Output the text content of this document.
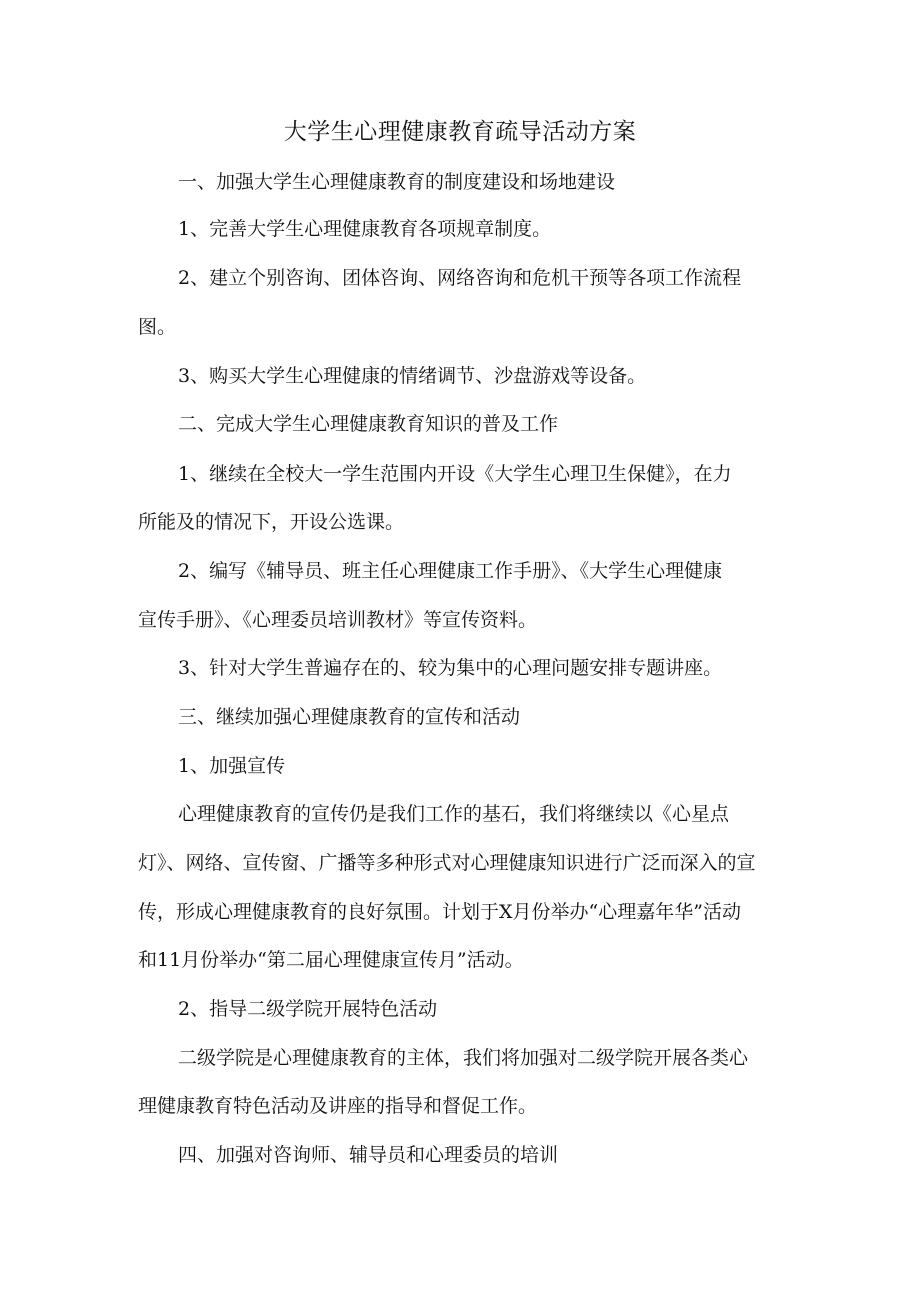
大学生心理健康教育疏导活动方案
一、加强大学生心理健康教育的制度建设和场地建设
1、完善大学生心理健康教育各项规章制度。
2、建立个别咨询、团体咨询、网络咨询和危机干预等各项工作流程
图。
3、购买大学生心理健康的情绪调节、沙盘游戏等设备。
二、完成大学生心理健康教育知识的普及工作
1、继续在全校大一学生范围内开设《大学生心理卫生保健》，在力
所能及的情况下，开设公选课。
2、编写《辅导员、班主任心理健康工作手册》、《大学生心理健康
宣传手册》、《心理委员培训教材》等宣传资料。
3、针对大学生普遍存在的、较为集中的心理问题安排专题讲座。
三、继续加强心理健康教育的宣传和活动
1、加强宣传
心理健康教育的宣传仍是我们工作的基石，我们将继续以《心星点
灯》、网络、宣传窗、广播等多种形式对心理健康知识进行广泛而深入的宣
传，形成心理健康教育的良好氛围。计划于X月份举办“心理嘉年华”活动
和11月份举办“第二届心理健康宣传月”活动。
2、指导二级学院开展特色活动
二级学院是心理健康教育的主体，我们将加强对二级学院开展各类心
理健康教育特色活动及讲座的指导和督促工作。
四、加强对咨询师、辅导员和心理委员的培训
